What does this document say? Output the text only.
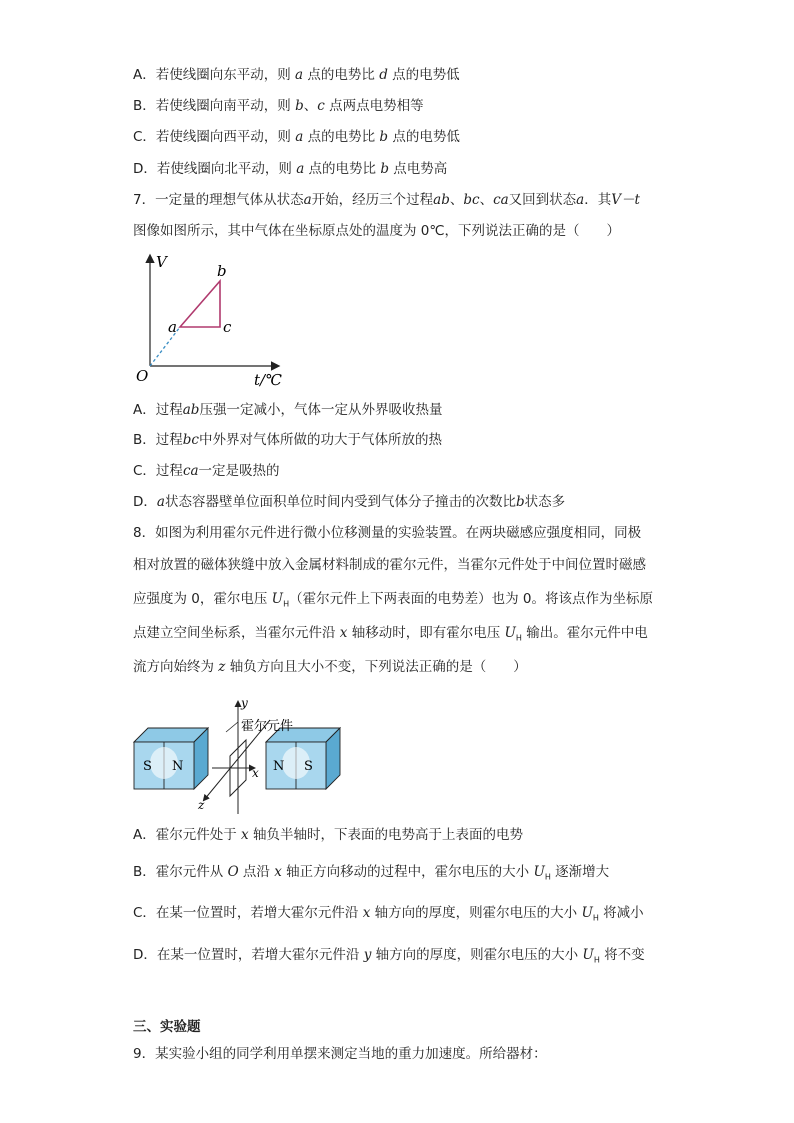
A．若使线圈向东平动，则 a 点的电势比 d 点的电势低
B．若使线圈向南平动，则 b、c 点两点电势相等
C．若使线圈向西平动，则 a 点的电势比 b 点的电势低
D．若使线圈向北平动，则 a 点的电势比 b 点电势高
7．一定量的理想气体从状态a开始，经历三个过程ab、bc、ca又回到状态a．其V－t
图像如图所示，其中气体在坐标原点处的温度为 0℃，下列说法正确的是（　　）
V
t/℃
O
a
b
c
A．过程ab压强一定减小，气体一定从外界吸收热量
B．过程bc中外界对气体所做的功大于气体所放的热
C．过程ca一定是吸热的
D．a状态容器壁单位面积单位时间内受到气体分子撞击的次数比b状态多
8．如图为利用霍尔元件进行微小位移测量的实验装置。在两块磁感应强度相同，同极
相对放置的磁体狭缝中放入金属材料制成的霍尔元件，当霍尔元件处于中间位置时磁感
应强度为 0，霍尔电压 $U_H$（霍尔元件上下两表面的电势差）也为 0。将该点作为坐标原
点建立空间坐标系，当霍尔元件沿 x 轴移动时，即有霍尔电压 $U_H$ 输出。霍尔元件中电
流方向始终为 z 轴负方向且大小不变，下列说法正确的是（　　）
S N	N S
霍尔元件
x
y
z
A．霍尔元件处于 x 轴负半轴时，下表面的电势高于上表面的电势
B．霍尔元件从 O 点沿 x 轴正方向移动的过程中，霍尔电压的大小 $U_H$ 逐渐增大
C．在某一位置时，若增大霍尔元件沿 x 轴方向的厚度，则霍尔电压的大小 $U_H$ 将减小
D．在某一位置时，若增大霍尔元件沿 y 轴方向的厚度，则霍尔电压的大小 $U_H$ 将不变
三、实验题
9．某实验小组的同学利用单摆来测定当地的重力加速度。所给器材：
